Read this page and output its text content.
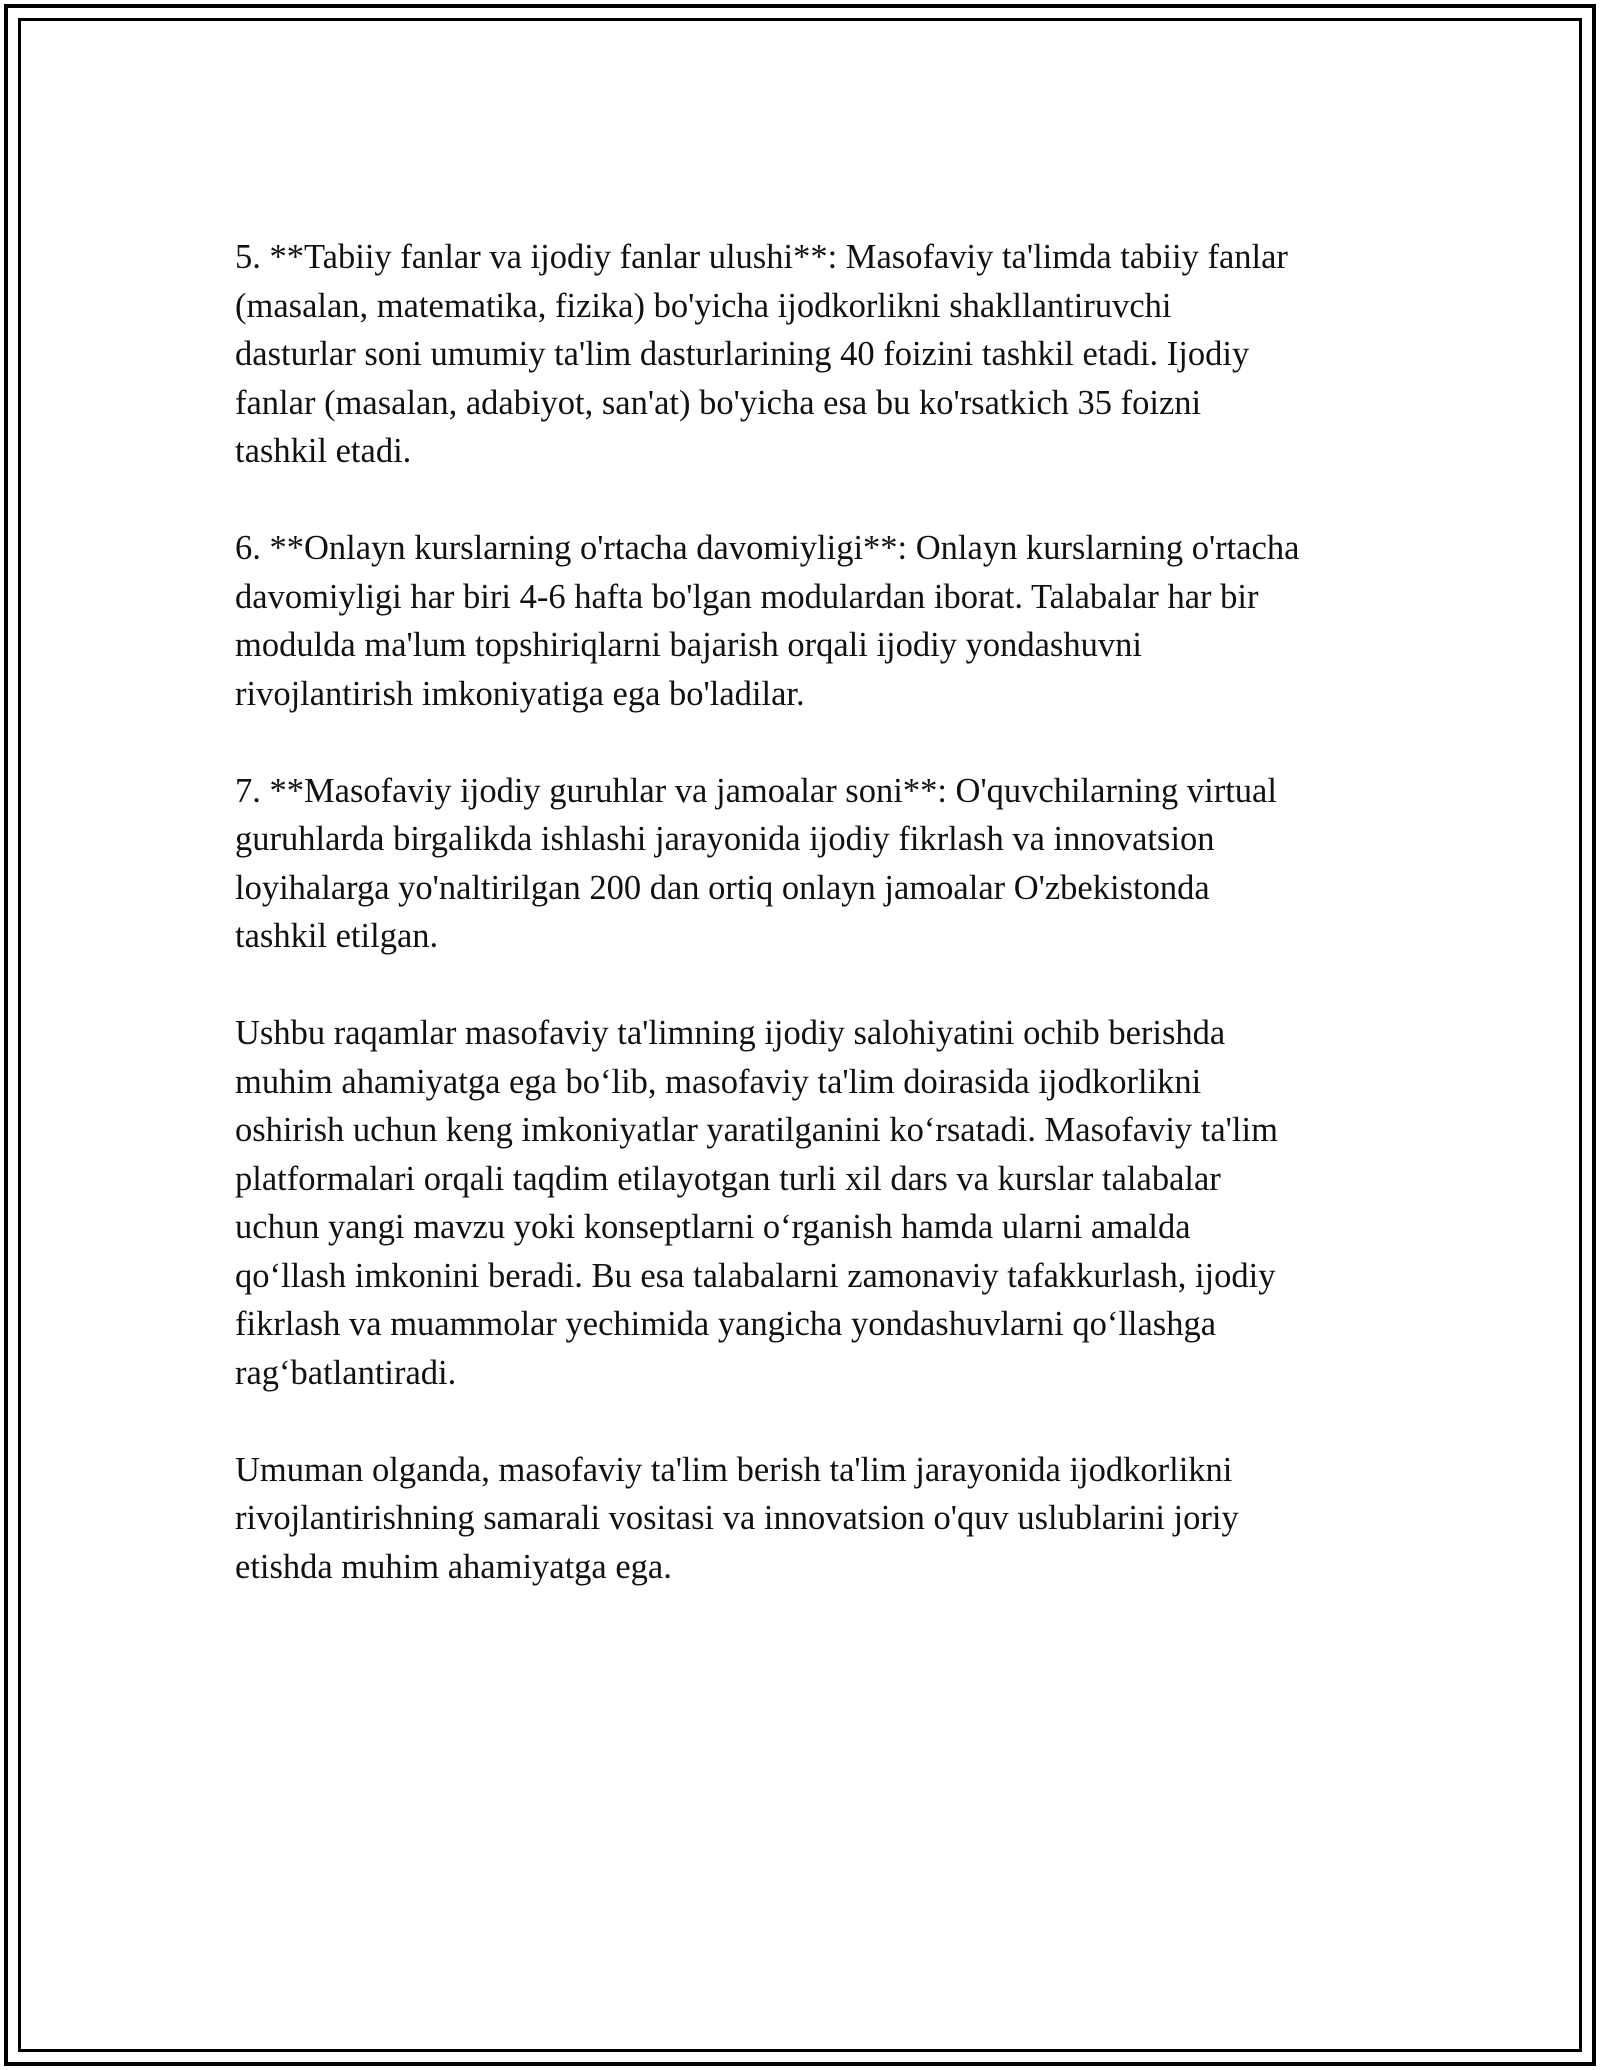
5. **Tabiiy fanlar va ijodiy fanlar ulushi**: Masofaviy ta'limda tabiiy fanlar
(masalan, matematika, fizika) bo'yicha ijodkorlikni shakllantiruvchi
dasturlar soni umumiy ta'lim dasturlarining 40 foizini tashkil etadi. Ijodiy
fanlar (masalan, adabiyot, san'at) bo'yicha esa bu ko'rsatkich 35 foizni
tashkil etadi.

6. **Onlayn kurslarning o'rtacha davomiyligi**: Onlayn kurslarning o'rtacha
davomiyligi har biri 4-6 hafta bo'lgan modulardan iborat. Talabalar har bir
modulda ma'lum topshiriqlarni bajarish orqali ijodiy yondashuvni
rivojlantirish imkoniyatiga ega bo'ladilar.

7. **Masofaviy ijodiy guruhlar va jamoalar soni**: O'quvchilarning virtual
guruhlarda birgalikda ishlashi jarayonida ijodiy fikrlash va innovatsion
loyihalarga yo'naltirilgan 200 dan ortiq onlayn jamoalar O'zbekistonda
tashkil etilgan.

Ushbu raqamlar masofaviy ta'limning ijodiy salohiyatini ochib berishda
muhim ahamiyatga ega bo‘lib, masofaviy ta'lim doirasida ijodkorlikni
oshirish uchun keng imkoniyatlar yaratilganini ko‘rsatadi. Masofaviy ta'lim
platformalari orqali taqdim etilayotgan turli xil dars va kurslar talabalar
uchun yangi mavzu yoki konseptlarni o‘rganish hamda ularni amalda
qo‘llash imkonini beradi. Bu esa talabalarni zamonaviy tafakkurlash, ijodiy
fikrlash va muammolar yechimida yangicha yondashuvlarni qo‘llashga
rag‘batlantiradi.

Umuman olganda, masofaviy ta'lim berish ta'lim jarayonida ijodkorlikni
rivojlantirishning samarali vositasi va innovatsion o'quv uslublarini joriy
etishda muhim ahamiyatga ega.
